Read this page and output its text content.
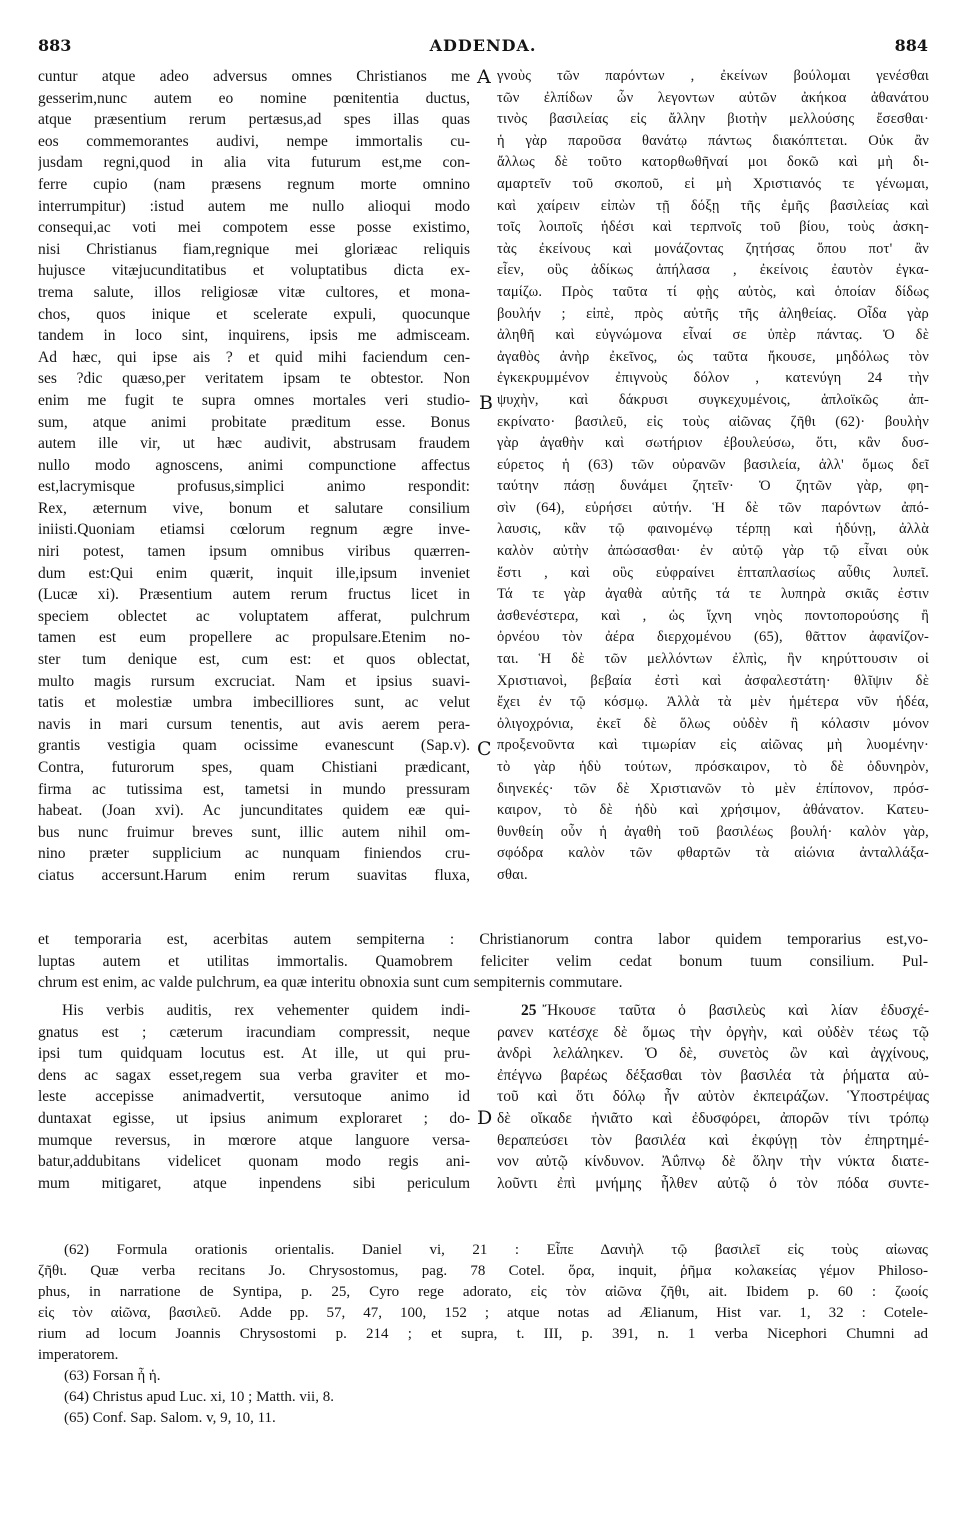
883	ADDENDA.	884
cuntur atque adeo adversus omnes Christianos me
gesserim,nunc autem eo nomine pœnitentia ductus,
atque præsentium rerum pertæsus,ad spes illas quas
eos commemorantes audivi, nempe immortalis cu-
jusdam regni,quod in alia vita futurum est,me con-
ferre cupio (nam præsens regnum morte omnino
interrumpitur) :istud autem me nullo alioqui modo
consequi,ac voti mei compotem esse posse existimo,
nisi Christianus fiam,regnique mei gloriæac reliquis
hujusce vitæjucunditatibus et voluptatibus dicta ex-
trema salute, illos religiosæ vitæ cultores, et mona-
chos, quos inique et scelerate expuli, quocunque
tandem in loco sint, inquirens, ipsis me admisceam.
Ad hæc, qui ipse ais ? et quid mihi faciendum cen-
ses ?dic quæso,per veritatem ipsam te obtestor. Non
enim me fugit te supra omnes mortales veri studio-
sum, atque animi probitate præditum esse. Bonus
autem ille vir, ut hæc audivit, abstrusam fraudem
nullo modo agnoscens, animi compunctione affectus
est,lacrymisque profusus,simplici animo respondit:
Rex, æternum vive, bonum et salutare consilium
iniisti.Quoniam etiamsi cœlorum regnum ægre inve-
niri potest, tamen ipsum omnibus viribus quærren-
dum est:Qui enim quærit, inquit ille,ipsum inveniet
(Lucæ xi). Præsentium autem rerum fructus licet in
speciem oblectet ac voluptatem afferat, pulchrum
tamen est eum propellere ac propulsare.Etenim no-
ster tum denique est, cum est: et quos oblectat,
multo magis rursum excruciat. Nam et ipsius suavi-
tatis et molestiæ umbra imbecilliores sunt, ac velut
navis in mari cursum tenentis, aut avis aerem pera-
grantis vestigia quam ocissime evanescunt (Sap.v).
Contra, futurorum spes, quam Chistiani prædicant,
firma ac tutissima est, tametsi in mundo pressuram
habeat. (Joan xvi). Ac juncunditates quidem eæ qui-
bus nunc fruimur breves sunt, illic autem nihil om-
nino præter supplicium ac nunquam finiendos cru-
ciatus accersunt.Harum enim rerum suavitas fluxa,
γνοὺς τῶν παρόντων , ἐκείνων βούλομαι γενέσθαι
τῶν ἐλπίδων ὧν λεγοντων αὐτῶν ἀκήκοα ἀθανάτου
τινὸς βασιλείας εἰς ἄλλην βιοτὴν μελλούσης ἔσεσθαι·
ἡ γὰρ παροῦσα θανάτῳ πάντως διακόπτεται. Οὐκ ἂν
ἄλλως δὲ τοῦτο κατορθωθῆναί μοι δοκῶ καὶ μὴ δι-
αμαρτεῖν τοῦ σκοποῦ, εἰ μὴ Χριστιανός τε γένωμαι,
καὶ χαίρειν εἰπὼν τῇ δόξῃ τῆς ἐμῆς βασιλείας καὶ
τοῖς λοιποῖς ἡδέσι καὶ τερπνοῖς τοῦ βίου, τοὺς ἀσκη-
τὰς ἐκείνους καὶ μονάζοντας ζητήσας ὅπου ποτ' ἂν
εἶεν, οὓς ἀδίκως ἀπήλασα , ἐκείνοις ἐαυτὸν ἐγκα-
ταμίζω. Πρὸς ταῦτα τί φῂς αὐτὸς, καὶ ὁποίαν δίδως
βουλήν ; εἰπὲ, πρὸς αὐτῆς τῆς ἀληθείας. Οἶδα γὰρ
ἀληθῆ καὶ εὐγνώμονα εἶναί σε ὑπὲρ πάντας. Ὁ δὲ
ἀγαθὸς ἀνὴρ ἐκεῖνος, ὡς ταῦτα ἤκουσε, μηδόλως τὸν
ἐγκεκρυμμένον ἐπιγνοὺς δόλον , κατενύγη 24 τὴν
ψυχὴν, καὶ δάκρυσι συγκεχυμένοις, ἁπλοϊκῶς ἀπ-
εκρίνατο· βασιλεῦ, εἰς τοὺς αἰῶνας ζῆθι (62)· βουλὴν
γὰρ ἀγαθὴν καὶ σωτήριον ἐβουλεύσω, ὅτι, κἂν δυσ-
εύρετος ἡ (63) τῶν οὐρανῶν βασιλεία, ἀλλ' ὅμως δεῖ
ταύτην πάσῃ δυνάμει ζητεῖν· Ὁ ζητῶν γὰρ, φη-
σὶν (64), εὑρήσει αὐτήν. Ἡ δὲ τῶν παρόντων ἀπό-
λαυσις, κἂν τῷ φαινομένῳ τέρπῃ καὶ ἡδύνῃ, ἀλλὰ
καλὸν αὐτὴν ἀπώσασθαι· ἐν αὐτῷ γὰρ τῷ εἶναι οὐκ
ἔστι , καὶ οὓς εὐφραίνει ἑπταπλασίως αὖθις λυπεῖ.
Τά τε γὰρ ἀγαθὰ αὐτῆς τά τε λυπηρὰ σκιᾶς ἐστιν
ἀσθενέστερα, καὶ , ὡς ἴχνη νηὸς ποντοπορούσης ἢ
ὀρνέου τὸν ἀέρα διερχομένου (65), θᾶττον ἀφανίζον-
ται. Ἡ δὲ τῶν μελλόντων ἐλπὶς, ἣν κηρύττουσιν οἱ
Χριστιανοὶ, βεβαία ἐστὶ καὶ ἀσφαλεστάτη· θλῖψιν δὲ
ἔχει ἐν τῷ κόσμῳ. Ἀλλὰ τὰ μὲν ἡμέτερα νῦν ἡδέα,
ὀλιγοχρόνια, ἐκεῖ δὲ ὅλως οὐδὲν ἢ κόλασιν μόνον
προξενοῦντα καὶ τιμωρίαν εἰς αἰῶνας μὴ λυομένην·
τὸ γὰρ ἡδὺ τούτων, πρόσκαιρον, τὸ δὲ ὀδυνηρὸν,
διηνεκές· τῶν δὲ Χριστιανῶν τὸ μὲν ἐπίπονον, πρόσ-
καιρον, τὸ δὲ ἡδὺ καὶ χρήσιμον, ἀθάνατον. Κατευ-
θυνθείη οὖν ἡ ἀγαθὴ τοῦ βασιλέως βουλή· καλὸν γὰρ,
σφόδρα καλὸν τῶν φθαρτῶν τὰ αἰώνια ἀνταλλάξα-
σθαι.
A
B
C
D
et temporaria est, acerbitas autem sempiterna : Christianorum contra labor quidem temporarius est,vo-
luptas autem et utilitas immortalis. Quamobrem feliciter velim cedat bonum tuum consilium. Pul-
chrum est enim, ac valde pulchrum, ea quæ interitu obnoxia sunt cum sempiternis commutare.
His verbis auditis, rex vehementer quidem indi-
gnatus est ; cæterum iracundiam compressit, neque
ipsi tum quidquam locutus est. At ille, ut qui pru-
dens ac sagax esset,regem sua verba graviter et mo-
leste accepisse animadvertit, versutoque animo id
duntaxat egisse, ut ipsius animum exploraret ; do-
mumque reversus, in mœrore atque languore versa-
batur,addubitans videlicet quonam modo regis ani-
mum mitigaret, atque inpendens sibi periculum
25 Ἤκουσε ταῦτα ὁ βασιλεὺς καὶ λίαν ἐδυσχέ-
ρανεν κατέσχε δὲ ὅμως τὴν ὀργὴν, καὶ οὐδὲν τέως τῷ
ἀνδρὶ λελάληκεν. Ὁ δὲ, συνετὸς ὢν καὶ ἀγχίνους,
ἐπέγνω βαρέως δέξασθαι τὸν βασιλέα τὰ ῥήματα αὐ-
τοῦ καὶ ὅτι δόλῳ ἦν αὐτὸν ἐκπειράζων. Ὑποστρέψας
δὲ οἴκαδε ἠνιᾶτο καὶ ἐδυσφόρει, ἀπορῶν τίνι τρόπῳ
θεραπεύσει τὸν βασιλέα καὶ ἐκφύγῃ τὸν ἐπηρτημέ-
νον αὐτῷ κίνδυνον. Ἀΰπνῳ δὲ ὅλην τὴν νύκτα διατε-
λοῦντι ἐπὶ μνήμης ἦλθεν αὐτῷ ὁ τὸν πόδα συντε-
(62) Formula orationis orientalis. Daniel vi, 21 : Εἶπε Δανιὴλ τῷ βασιλεῖ εἰς τοὺς αἰωνας
ζῆθι. Quæ verba recitans Jo. Chrysostomus, pag. 78 Cotel. ὅρα, inquit, ῥῆμα κολακείας γέμον Philoso-
phus, in narratione de Syntipa, p. 25, Cyro rege adorato, εἰς τὸν αἰῶνα ζῆθι, ait. Ibidem p. 60 : ζωοίς
εἰς τὸν αἰῶνα, βασιλεῦ. Adde pp. 57, 47, 100, 152 ; atque notas ad Ælianum, Hist var. 1, 32 : Cotele-
rium ad locum Joannis Chrysostomi p. 214 ; et supra, t. III, p. 391, n. 1 verba Nicephori Chumni ad
imperatorem.
(63) Forsan ἦ ἡ.
(64) Christus apud Luc. xi, 10 ; Matth. vii, 8.
(65) Conf. Sap. Salom. v, 9, 10, 11.
